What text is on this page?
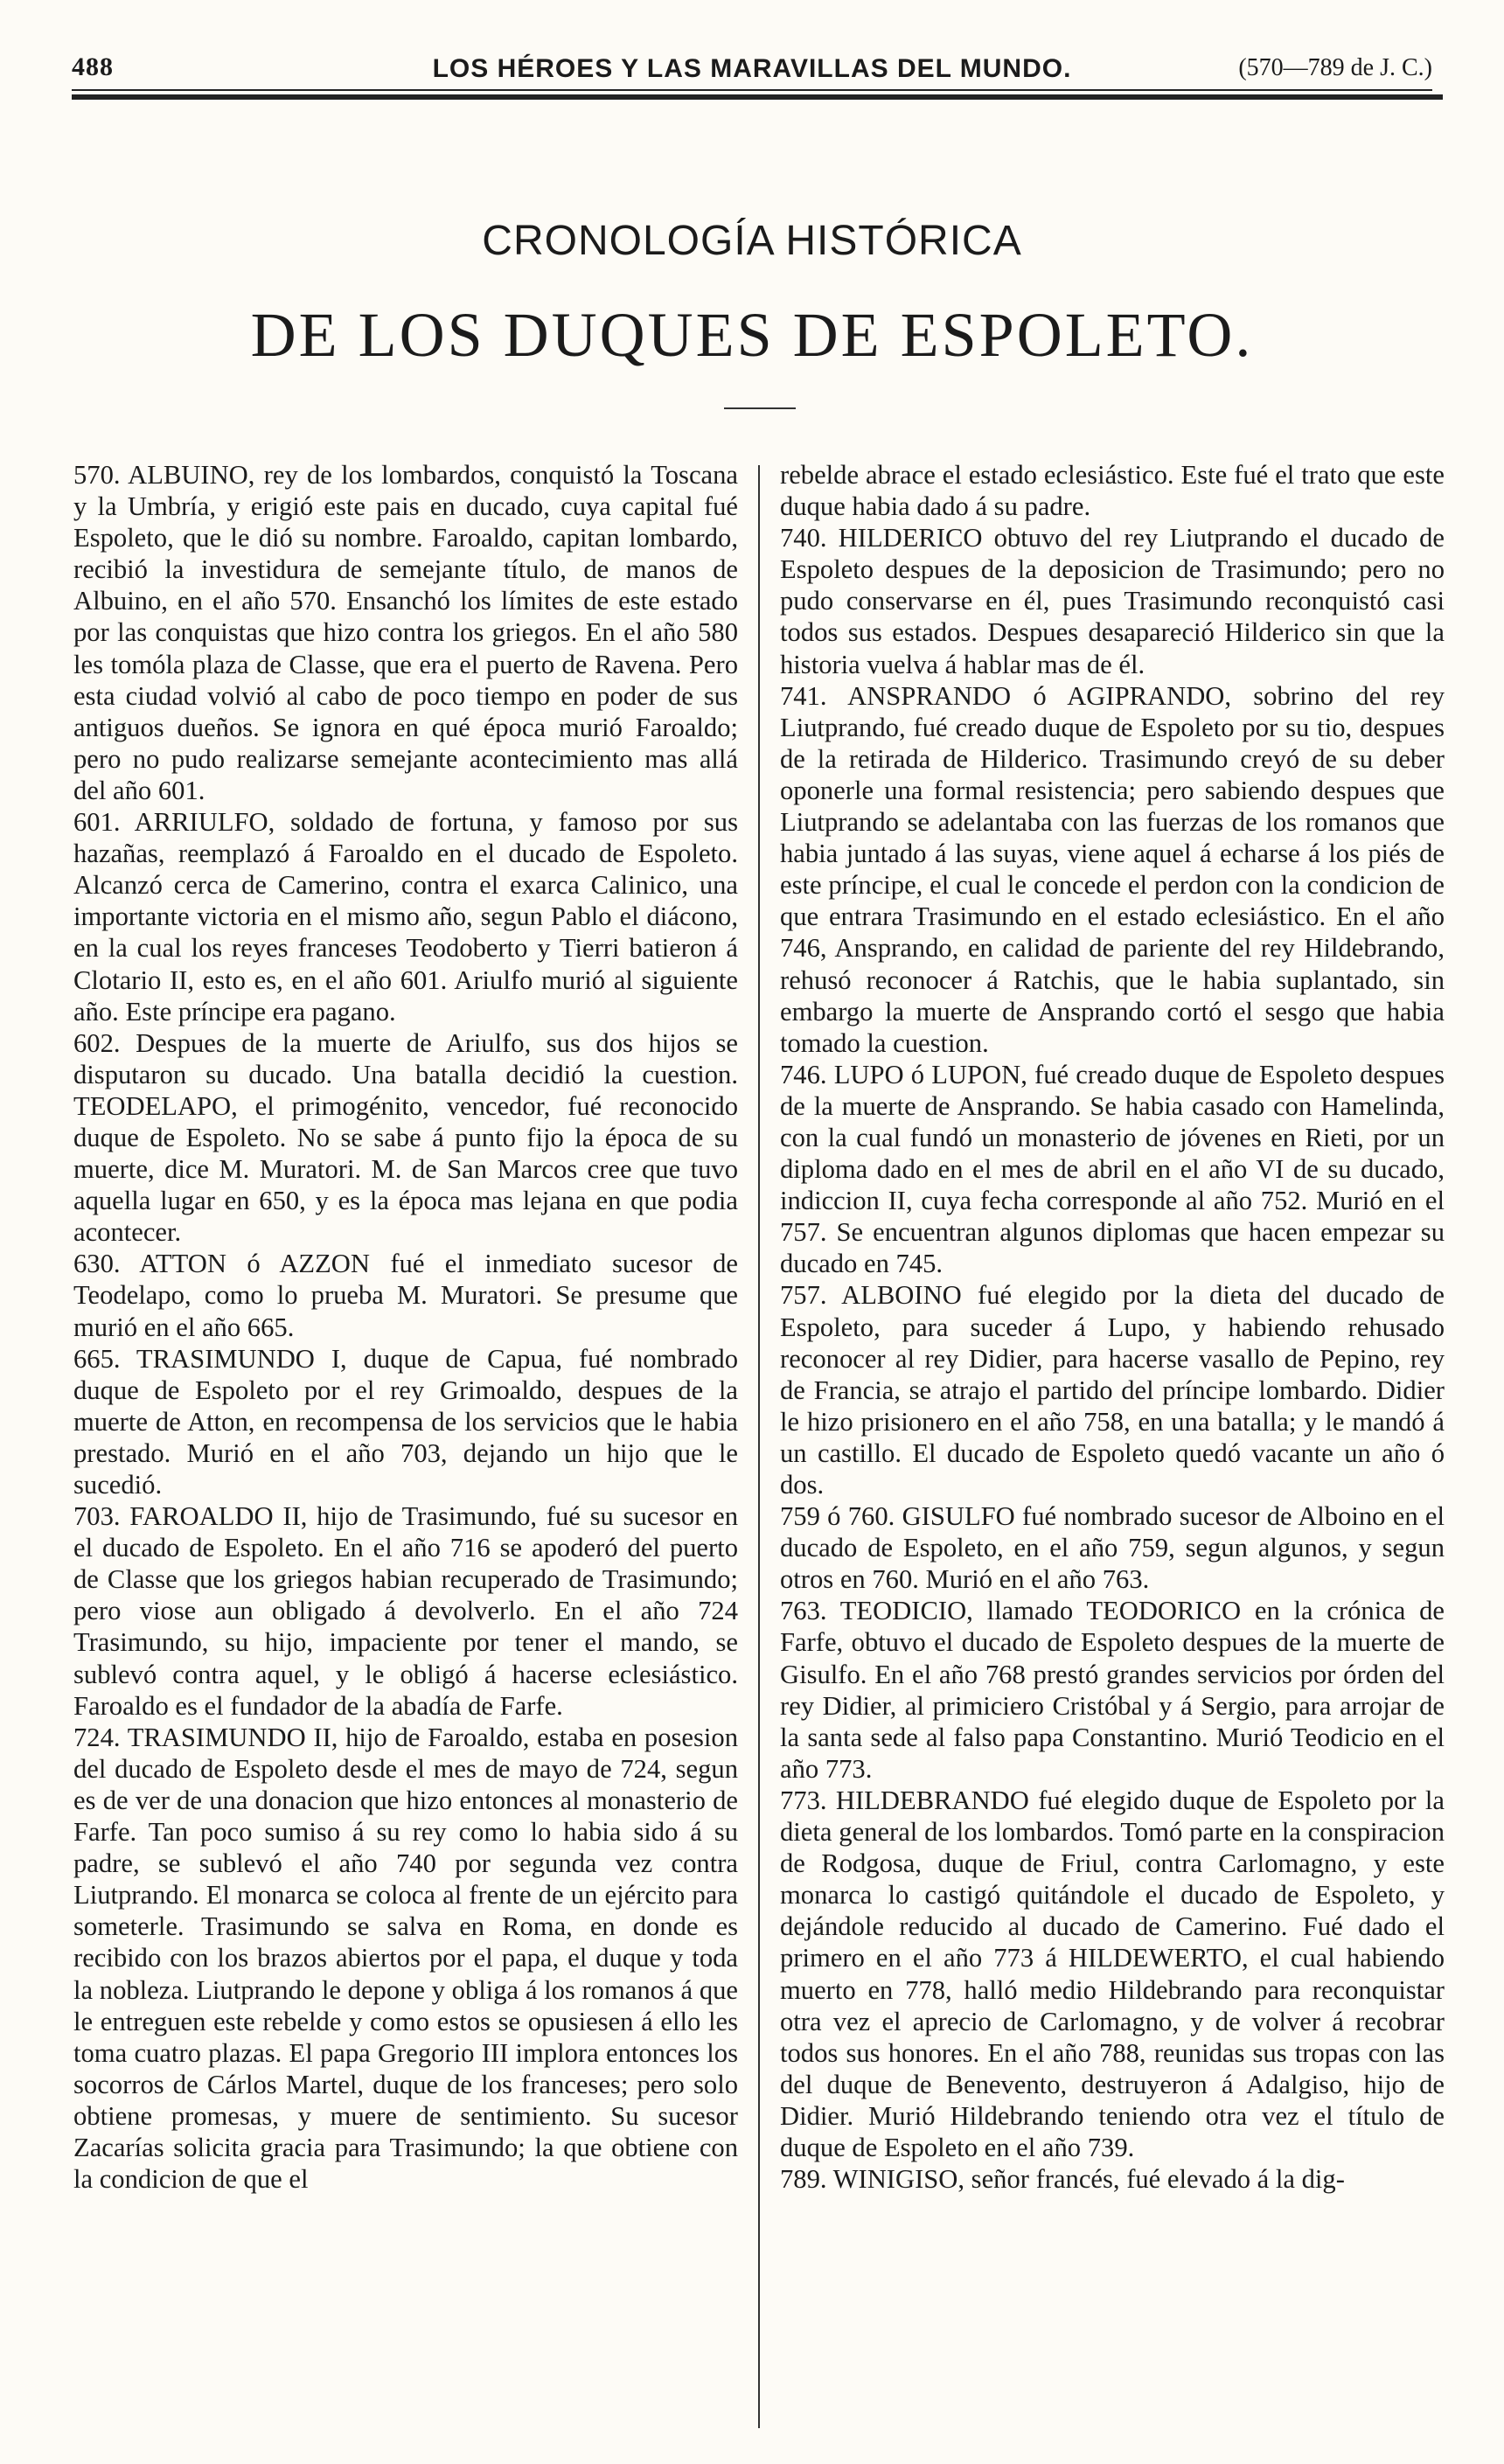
488	LOS HÉROES Y LAS MARAVILLAS DEL MUNDO.	(570—789 de J. C.)
CRONOLOGÍA HISTÓRICA
DE LOS DUQUES DE ESPOLETO.

570. ALBUINO, rey de los lombardos, conquistó la Toscana y la Umbría, y erigió este pais en ducado, cuya capital fué Espoleto, que le dió su nombre. Faroaldo, capitan lombardo, recibió la investidura de semejante título, de manos de Albuino, en el año 570. Ensanchó los límites de este estado por las conquistas que hizo contra los griegos. En el año 580 les tomóla plaza de Classe, que era el puerto de Ravena. Pero esta ciudad volvió al cabo de poco tiempo en poder de sus antiguos dueños. Se ignora en qué época murió Faroaldo; pero no pudo realizarse semejante acontecimiento mas allá del año 601.

601. ARRIULFO, soldado de fortuna, y famoso por sus hazañas, reemplazó á Faroaldo en el ducado de Espoleto. Alcanzó cerca de Camerino, contra el exarca Calinico, una importante victoria en el mismo año, segun Pablo el diácono, en la cual los reyes franceses Teodoberto y Tierri batieron á Clotario II, esto es, en el año 601. Ariulfo murió al siguiente año. Este príncipe era pagano.

602. Despues de la muerte de Ariulfo, sus dos hijos se disputaron su ducado. Una batalla decidió la cuestion. TEODELAPO, el primogénito, vencedor, fué reconocido duque de Espoleto. No se sabe á punto fijo la época de su muerte, dice M. Muratori. M. de San Marcos cree que tuvo aquella lugar en 650, y es la época mas lejana en que podia acontecer.

630. ATTON ó AZZON fué el inmediato sucesor de Teodelapo, como lo prueba M. Muratori. Se presume que murió en el año 665.

665. TRASIMUNDO I, duque de Capua, fué nombrado duque de Espoleto por el rey Grimoaldo, despues de la muerte de Atton, en recompensa de los servicios que le habia prestado. Murió en el año 703, dejando un hijo que le sucedió.

703. FAROALDO II, hijo de Trasimundo, fué su sucesor en el ducado de Espoleto. En el año 716 se apoderó del puerto de Classe que los griegos habian recuperado de Trasimundo; pero viose aun obligado á devolverlo. En el año 724 Trasimundo, su hijo, impaciente por tener el mando, se sublevó contra aquel, y le obligó á hacerse eclesiástico. Faroaldo es el fundador de la abadía de Farfe.

724. TRASIMUNDO II, hijo de Faroaldo, estaba en posesion del ducado de Espoleto desde el mes de mayo de 724, segun es de ver de una donacion que hizo entonces al monasterio de Farfe. Tan poco sumiso á su rey como lo habia sido á su padre, se sublevó el año 740 por segunda vez contra Liutprando. El monarca se coloca al frente de un ejército para someterle. Trasimundo se salva en Roma, en donde es recibido con los brazos abiertos por el papa, el duque y toda la nobleza. Liutprando le depone y obliga á los romanos á que le entreguen este rebelde y como estos se opusiesen á ello les toma cuatro plazas. El papa Gregorio III implora entonces los socorros de Cárlos Martel, duque de los franceses; pero solo obtiene promesas, y muere de sentimiento. Su sucesor Zacarías solicita gracia para Trasimundo; la que obtiene con la condicion de que el

rebelde abrace el estado eclesiástico. Este fué el trato que este duque habia dado á su padre.

740. HILDERICO obtuvo del rey Liutprando el ducado de Espoleto despues de la deposicion de Trasimundo; pero no pudo conservarse en él, pues Trasimundo reconquistó casi todos sus estados. Despues desapareció Hilderico sin que la historia vuelva á hablar mas de él.

741. ANSPRANDO ó AGIPRANDO, sobrino del rey Liutprando, fué creado duque de Espoleto por su tio, despues de la retirada de Hilderico. Trasimundo creyó de su deber oponerle una formal resistencia; pero sabiendo despues que Liutprando se adelantaba con las fuerzas de los romanos que habia juntado á las suyas, viene aquel á echarse á los piés de este príncipe, el cual le concede el perdon con la condicion de que entrara Trasimundo en el estado eclesiástico. En el año 746, Ansprando, en calidad de pariente del rey Hildebrando, rehusó reconocer á Ratchis, que le habia suplantado, sin embargo la muerte de Ansprando cortó el sesgo que habia tomado la cuestion.

746. LUPO ó LUPON, fué creado duque de Espoleto despues de la muerte de Ansprando. Se habia casado con Hamelinda, con la cual fundó un monasterio de jóvenes en Rieti, por un diploma dado en el mes de abril en el año VI de su ducado, indiccion II, cuya fecha corresponde al año 752. Murió en el 757. Se encuentran algunos diplomas que hacen empezar su ducado en 745.

757. ALBOINO fué elegido por la dieta del ducado de Espoleto, para suceder á Lupo, y habiendo rehusado reconocer al rey Didier, para hacerse vasallo de Pepino, rey de Francia, se atrajo el partido del príncipe lombardo. Didier le hizo prisionero en el año 758, en una batalla; y le mandó á un castillo. El ducado de Espoleto quedó vacante un año ó dos.

759 ó 760. GISULFO fué nombrado sucesor de Alboino en el ducado de Espoleto, en el año 759, segun algunos, y segun otros en 760. Murió en el año 763.

763. TEODICIO, llamado TEODORICO en la crónica de Farfe, obtuvo el ducado de Espoleto despues de la muerte de Gisulfo. En el año 768 prestó grandes servicios por órden del rey Didier, al primiciero Cristóbal y á Sergio, para arrojar de la santa sede al falso papa Constantino. Murió Teodicio en el año 773.

773. HILDEBRANDO fué elegido duque de Espoleto por la dieta general de los lombardos. Tomó parte en la conspiracion de Rodgosa, duque de Friul, contra Carlomagno, y este monarca lo castigó quitándole el ducado de Espoleto, y dejándole reducido al ducado de Camerino. Fué dado el primero en el año 773 á HILDEWERTO, el cual habiendo muerto en 778, halló medio Hildebrando para reconquistar otra vez el aprecio de Carlomagno, y de volver á recobrar todos sus honores. En el año 788, reunidas sus tropas con las del duque de Benevento, destruyeron á Adalgiso, hijo de Didier. Murió Hildebrando teniendo otra vez el título de duque de Espoleto en el año 739.

789. WINIGISO, señor francés, fué elevado á la dig-
